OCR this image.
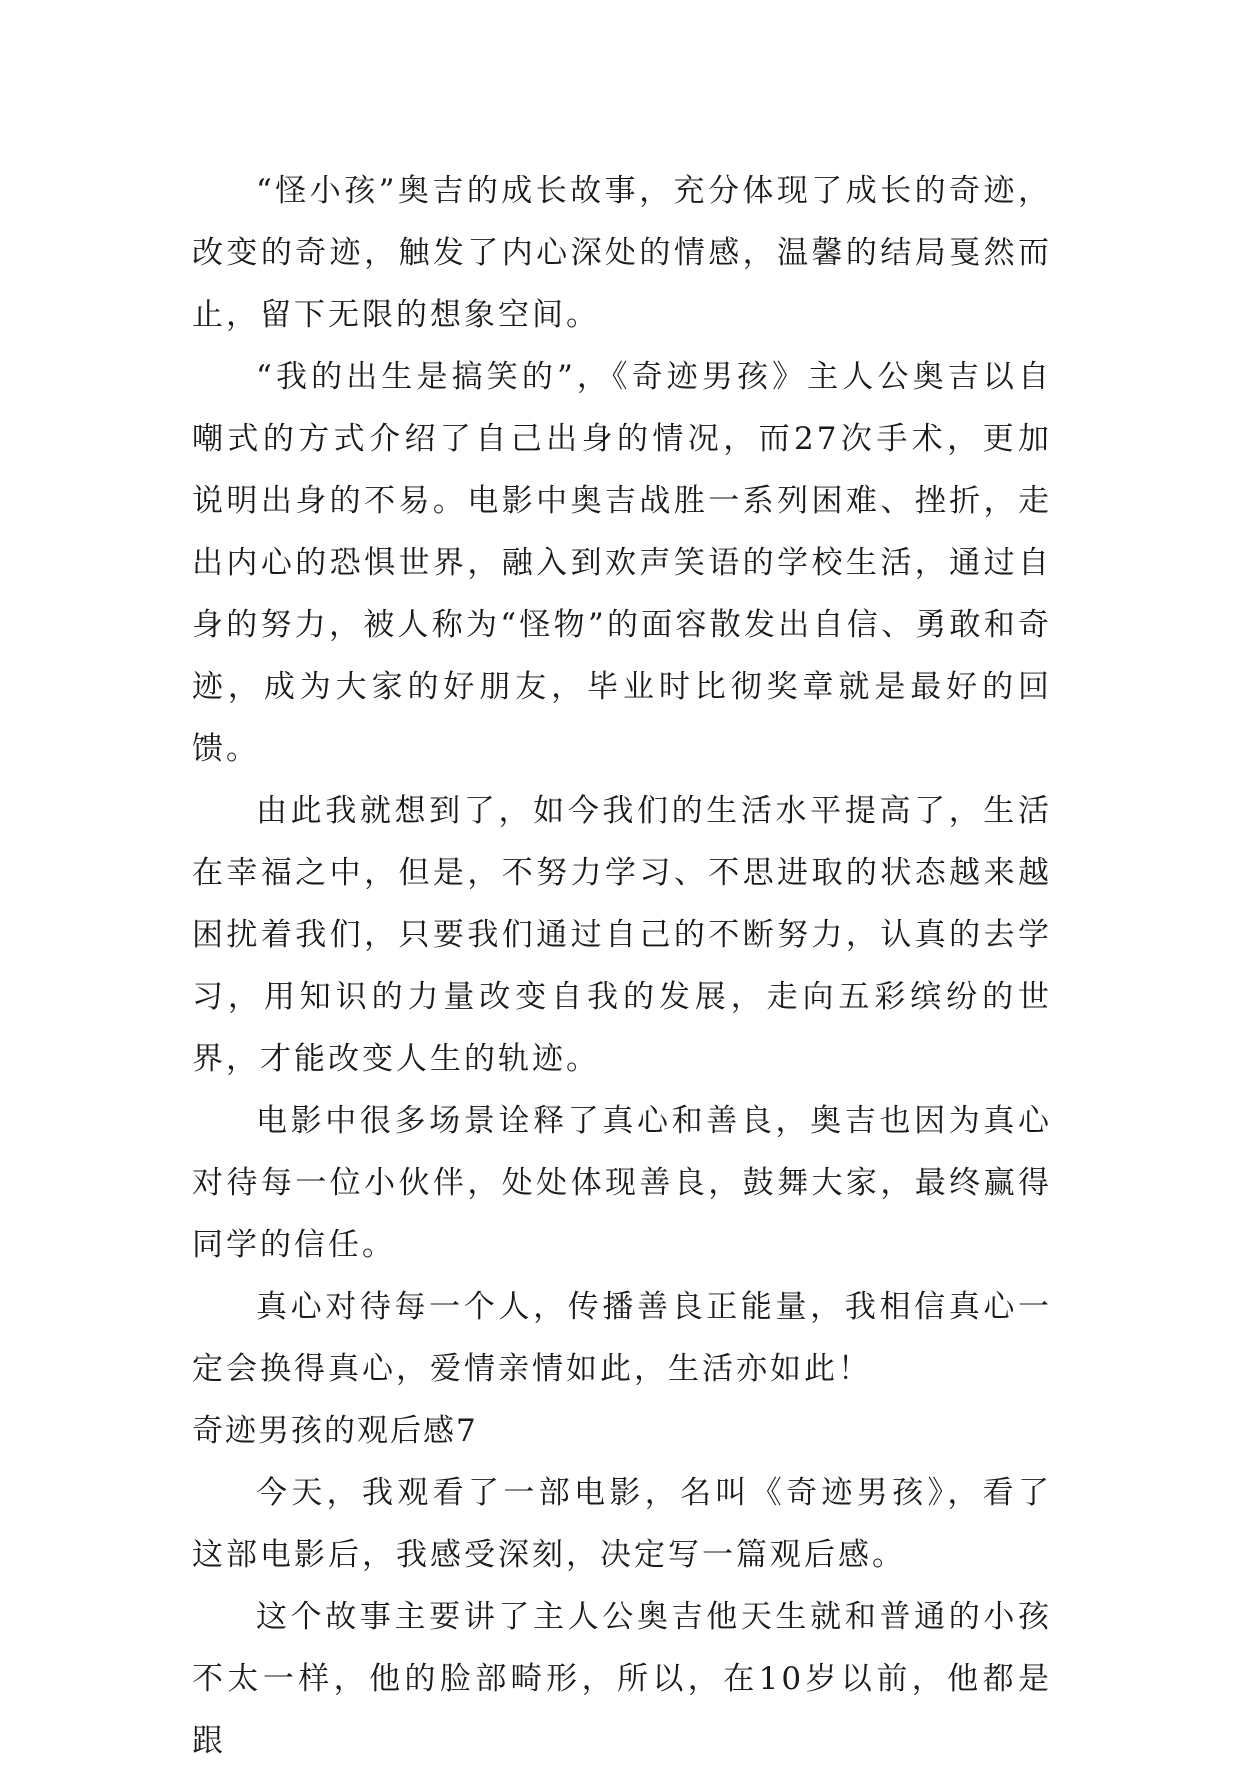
“怪小孩”奥吉的成长故事，充分体现了成长的奇迹，改变的奇迹，触发了内心深处的情感，温馨的结局戛然而止，留下无限的想象空间。

“我的出生是搞笑的”，《奇迹男孩》主人公奥吉以自嘲式的方式介绍了自己出身的情况，而27次手术，更加说明出身的不易。电影中奥吉战胜一系列困难、挫折，走出内心的恐惧世界，融入到欢声笑语的学校生活，通过自身的努力，被人称为“怪物”的面容散发出自信、勇敢和奇迹，成为大家的好朋友，毕业时比彻奖章就是最好的回馈。

由此我就想到了，如今我们的生活水平提高了，生活在幸福之中，但是，不努力学习、不思进取的状态越来越困扰着我们，只要我们通过自己的不断努力，认真的去学习，用知识的力量改变自我的发展，走向五彩缤纷的世界，才能改变人生的轨迹。

电影中很多场景诠释了真心和善良，奥吉也因为真心对待每一位小伙伴，处处体现善良，鼓舞大家，最终赢得同学的信任。

真心对待每一个人，传播善良正能量，我相信真心一定会换得真心，爱情亲情如此，生活亦如此！

奇迹男孩的观后感7

今天，我观看了一部电影，名叫《奇迹男孩》，看了这部电影后，我感受深刻，决定写一篇观后感。

这个故事主要讲了主人公奥吉他天生就和普通的小孩不太一样，他的脸部畸形，所以，在10岁以前，他都是跟
